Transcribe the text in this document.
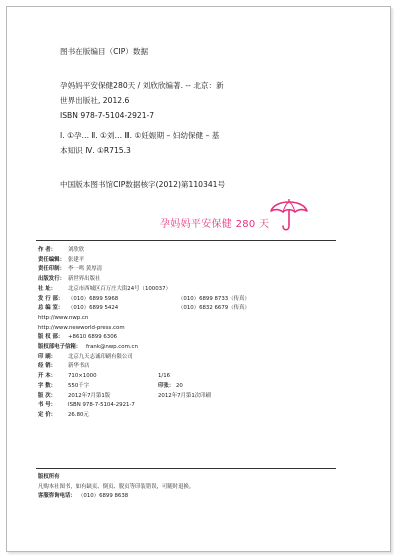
图书在版编目（CIP）数据
孕妈妈平安保健280天 / 刘欣欣编著. -- 北京：新
世界出版社, 2012.6
ISBN 978-7-5104-2921-7
Ⅰ. ①孕… Ⅱ. ①刘… Ⅲ. ①妊娠期 – 妇幼保健 – 基
本知识 Ⅳ. ①R715.3
中国版本图书馆CIP数据核字(2012)第110341号
孕妈妈平安保健 280 天
作 者： 刘欣欣
责任编辑： 张建平
责任印制： 李一鸣 黄厚清
出版发行： 新世界出版社
社 址： 北京市西城区百万庄大街24号（100037）
发 行 部： （010）6899 5968	（010）6899 8733（传真）
总 编 室： （010）6899 5424	（010）6832 6679（传真）
http://www.nwp.cn
http://www.newworld-press.com
版 权 部： +8610 6899 6306
版权部电子信箱： frank@nwp.com.cn
印 刷： 北京九天志诚印刷有限公司
经 销： 新华书店
开 本： 710×1000	1/16
字 数： 550千字	印张： 20
版 次： 2012年7月第1版	2012年7月第1次印刷
书 号： ISBN 978-7-5104-2921-7
定 价： 26.80元
版权所有
凡购本社图书，如有缺页、倒页、脱页等印装错误，可随时退换。
客服咨询电话： （010）6899 8638
